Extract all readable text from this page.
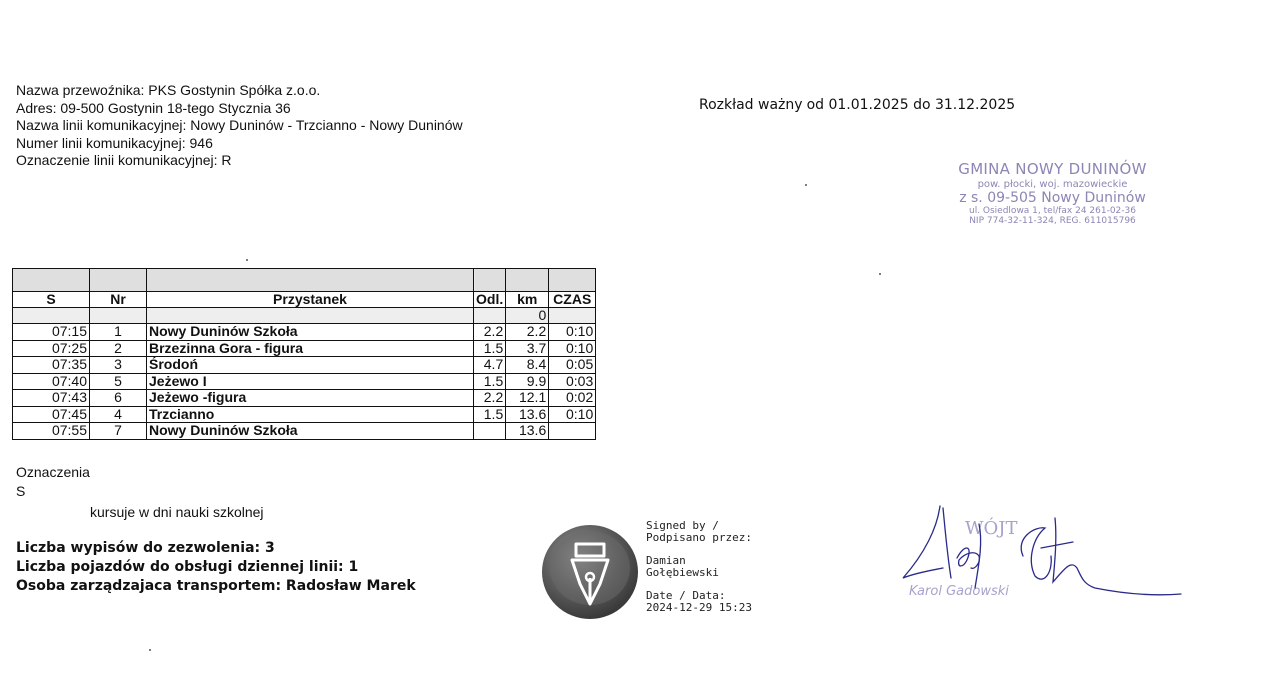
Nazwa przewoźnika: PKS Gostynin Spółka z.o.o.
Adres: 09-500 Gostynin 18-tego Stycznia 36
Nazwa linii komunikacyjnej: Nowy Duninów - Trzcianno - Nowy Duninów
Numer linii komunikacyjnej: 946
Oznaczenie linii komunikacyjnej: R
Rozkład ważny od 01.01.2025 do 31.12.2025
GMINA NOWY DUNINÓW
pow. płocki, woj. mazowieckie
z s. 09-505 Nowy Duninów
ul. Osiedlowa 1, tel/fax 24 261-02-36
NIP 774-32-11-324, REG. 611015796

S	Nr	Przystanek	Odl.	km	CZAS
				0	
07:15	1	Nowy Duninów Szkoła	2.2	2.2	0:10
07:25	2	Brzezinna Gora - figura	1.5	3.7	0:10
07:35	3	Środoń	4.7	8.4	0:05
07:40	5	Jeżewo I	1.5	9.9	0:03
07:43	6	Jeżewo -figura	2.2	12.1	0:02
07:45	4	Trzcianno	1.5	13.6	0:10
07:55	7	Nowy Duninów Szkoła		13.6	
Oznaczenia
S
kursuje w dni nauki szkolnej
Liczba wypisów do zezwolenia: 3
Liczba pojazdów do obsługi dziennej linii: 1
Osoba zarządzajaca transportem: Radosław Marek
Signed by /
Podpisano przez:
Damian
Gołębiewski
Date / Data:
2024-12-29 15:23
WÓJT
Karol Gadowski
